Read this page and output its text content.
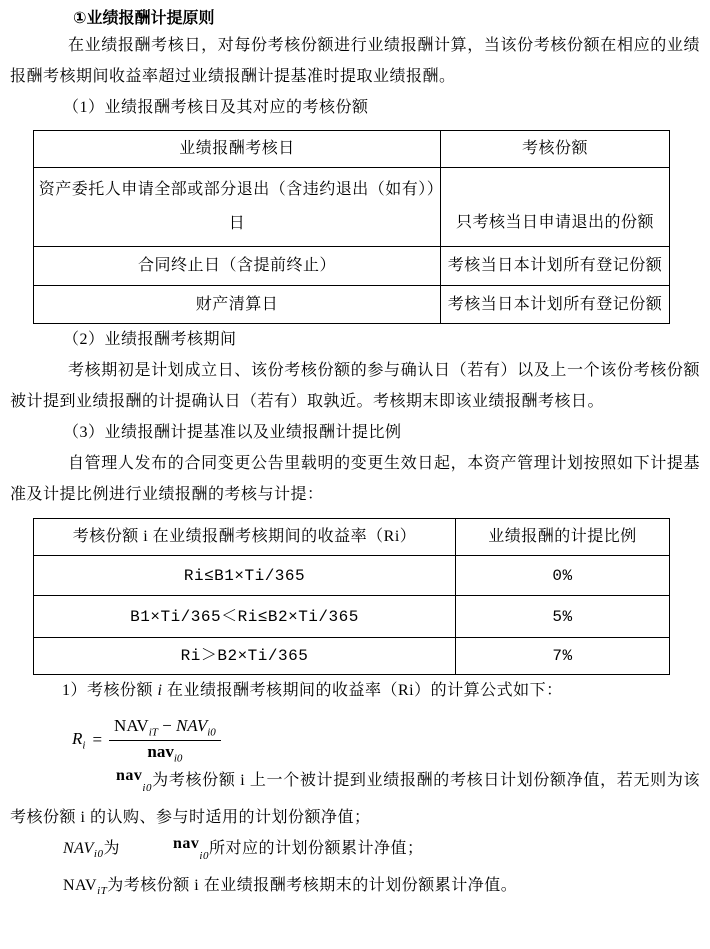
①业绩报酬计提原则

在业绩报酬考核日，对每份考核份额进行业绩报酬计算，当该份考核份额在相应的业绩报酬考核期间收益率超过业绩报酬计提基准时提取业绩报酬。

（1）业绩报酬考核日及其对应的考核份额

业绩报酬考核日	考核份额
资产委托人申请全部或部分退出（含违约退出（如有））日	只考核当日申请退出的份额
合同终止日（含提前终止）	考核当日本计划所有登记份额
财产清算日	考核当日本计划所有登记份额

（2）业绩报酬考核期间

考核期初是计划成立日、该份考核份额的参与确认日（若有）以及上一个该份考核份额被计提到业绩报酬的计提确认日（若有）取孰近。考核期末即该业绩报酬考核日。

（3）业绩报酬计提基准以及业绩报酬计提比例

自管理人发布的合同变更公告里载明的变更生效日起，本资产管理计划按照如下计提基准及计提比例进行业绩报酬的考核与计提：

考核份额 i 在业绩报酬考核期间的收益率（Ri）	业绩报酬的计提比例
Ri≤B1×Ti/365	0%
B1×Ti/365＜Ri≤B2×Ti/365	5%
Ri＞B2×Ti/365	7%

1）考核份额 i 在业绩报酬考核期间的收益率（Ri）的计算公式如下：

$R_i = \frac{NAV_{iT} - NAV_{i0}}{nav_{i0}}$

nav$_{i0}$为考核份额 i 上一个被计提到业绩报酬的考核日计划份额净值，若无则为该考核份额 i 的认购、参与时适用的计划份额净值；

$NAV_{i0}$为	nav$_{i0}$所对应的计划份额累计净值；

$NAV_{iT}$为考核份额 i 在业绩报酬考核期末的计划份额累计净值。
